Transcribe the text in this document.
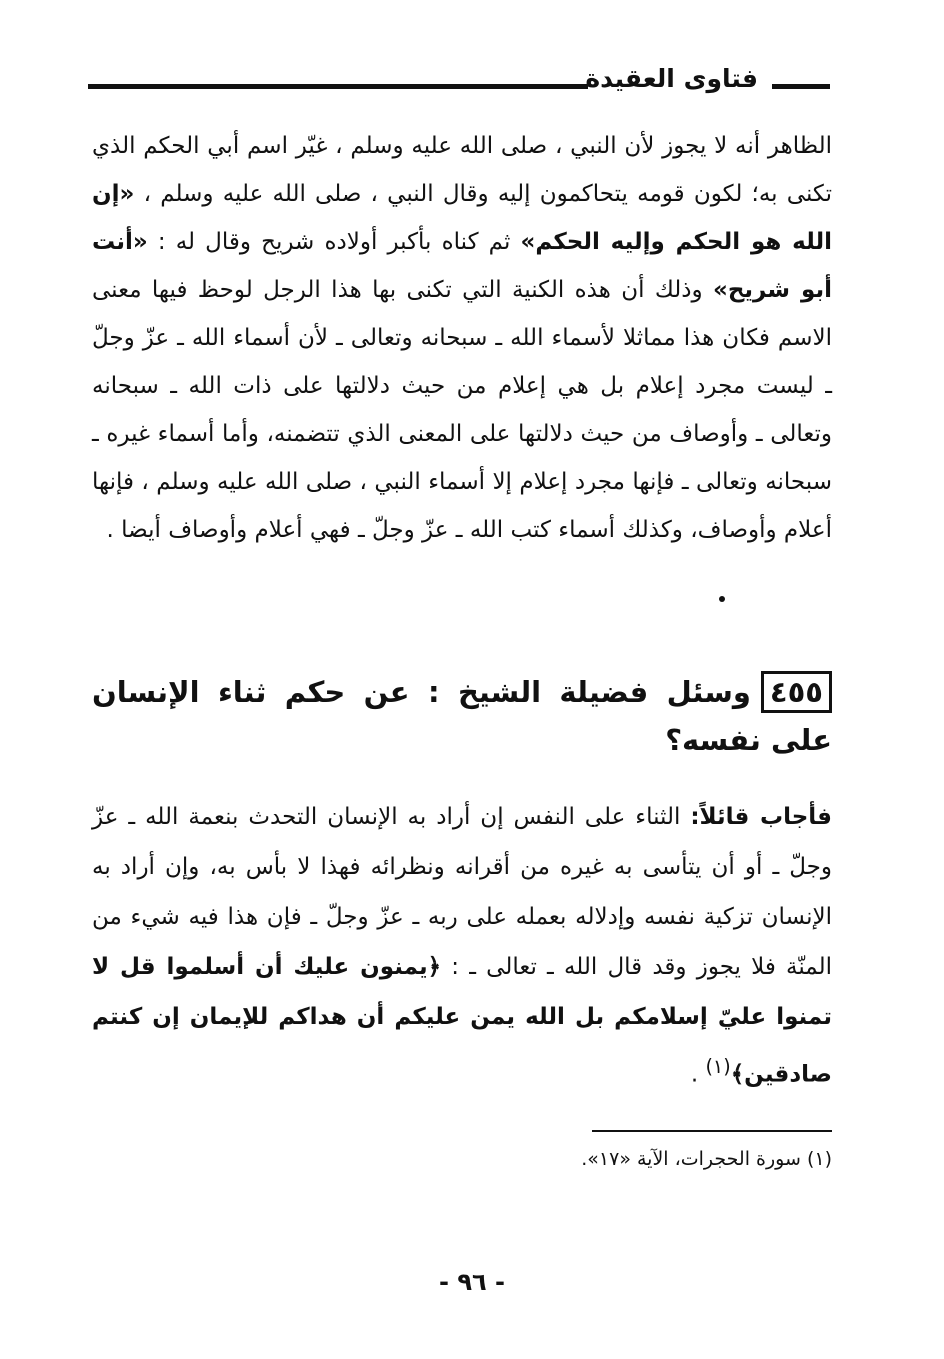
فتاوى العقيدة

الظاهر أنه لا يجوز لأن النبي ، صلى الله عليه وسلم ، غيّر اسم أبي الحكم الذي تكنى به؛ لكون قومه يتحاكمون إليه وقال النبي ، صلى الله عليه وسلم ، «إن الله هو الحكم وإليه الحكم» ثم كناه بأكبر أولاده شريح وقال له : «أنت أبو شريح» وذلك أن هذه الكنية التي تكنى بها هذا الرجل لوحظ فيها معنى الاسم فكان هذا مماثلا لأسماء الله ـ سبحانه وتعالى ـ لأن أسماء الله ـ عزّ وجلّ ـ ليست مجرد إعلام بل هي إعلام من حيث دلالتها على ذات الله ـ سبحانه وتعالى ـ وأوصاف من حيث دلالتها على المعنى الذي تتضمنه، وأما أسماء غيره ـ سبحانه وتعالى ـ فإنها مجرد إعلام إلا أسماء النبي ، صلى الله عليه وسلم ، فإنها أعلام وأوصاف، وكذلك أسماء كتب الله ـ عزّ وجلّ ـ فهي أعلام وأوصاف أيضا .

٤٥٥وسئل فضيلة الشيخ : عن حكم ثناء الإنسان على نفسه؟
فأجاب قائلاً: الثناء على النفس إن أراد به الإنسان التحدث بنعمة الله ـ عزّ وجلّ ـ أو أن يتأسى به غيره من أقرانه ونظرائه فهذا لا بأس به، وإن أراد به الإنسان تزكية نفسه وإدلاله بعمله على ربه ـ عزّ وجلّ ـ فإن هذا فيه شيء من المنّة فلا يجوز وقد قال الله ـ تعالى ـ : ﴿يمنون عليك أن أسلموا قل لا تمنوا عليّ إسلامكم بل الله يمن عليكم أن هداكم للإيمان إن كنتم صادقين﴾$^{(١)}$ .
(١) سورة الحجرات، الآية «١٧».
- ٩٦ -
